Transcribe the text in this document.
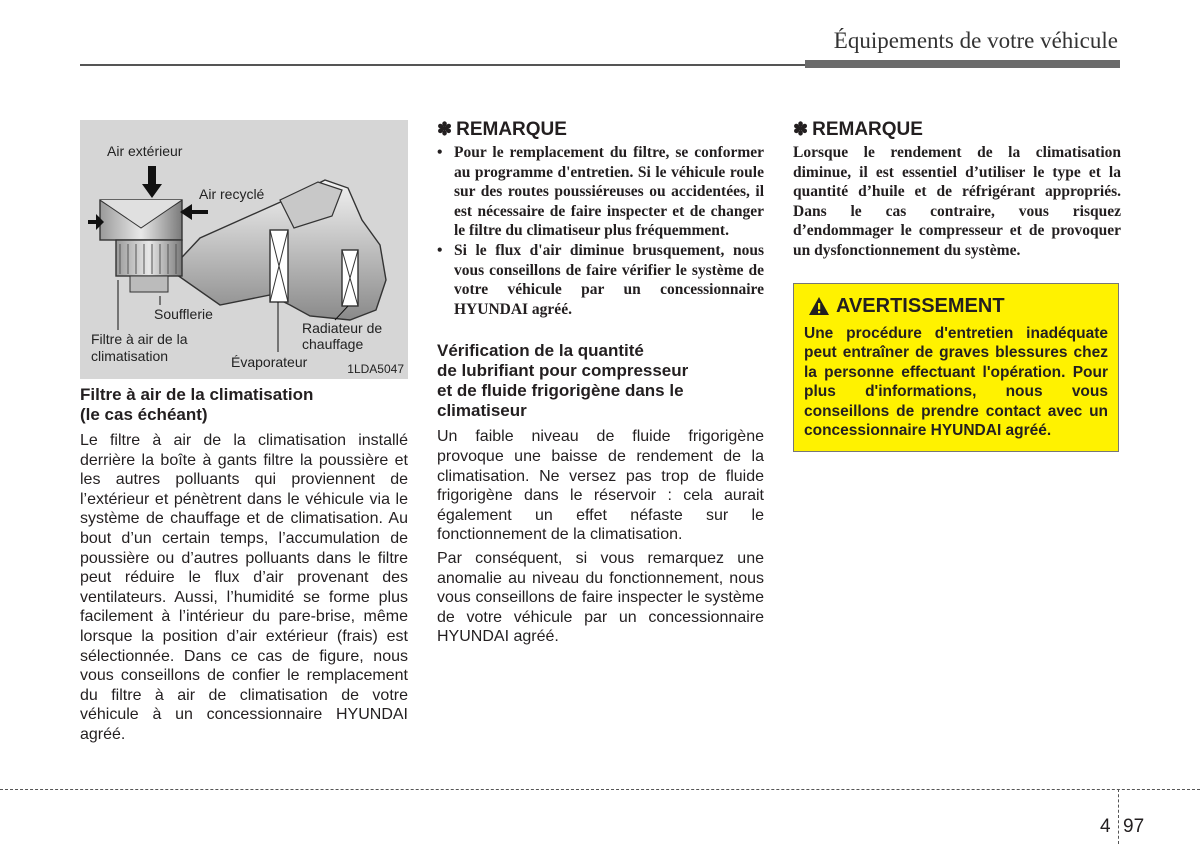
Équipements de votre véhicule
Air extérieur
Air recyclé
Soufflerie
Filtre à air de la
climatisation
Radiateur de
chauffage
Évaporateur	1LDA5047
Filtre à air de la climatisation
(le cas échéant)

Le filtre à air de la climatisation installé derrière la boîte à gants filtre la poussière et les autres polluants qui proviennent de l’extérieur et pénètrent dans le véhicule via le système de chauffage et de climatisation. Au bout d’un certain temps, l’accumulation de poussière ou d’autres polluants dans le filtre peut réduire le flux d’air provenant des ventilateurs. Aussi, l’humidité se forme plus facilement à l’intérieur du pare-brise, même lorsque la position d’air extérieur (frais) est sélectionnée. Dans ce cas de figure, nous vous conseillons de confier le remplacement du filtre à air de climatisation de votre véhicule à un concessionnaire HYUNDAI agréé.

✽ REMARQUE
• Pour le remplacement du filtre, se conformer au programme d'entretien. Si le véhicule roule sur des routes poussiéreuses ou accidentées, il est nécessaire de faire inspecter et de changer le filtre du climatiseur plus fréquemment.
• Si le flux d'air diminue brusquement, nous vous conseillons de faire vérifier le système de votre véhicule par un concessionnaire HYUNDAI agréé.
Vérification de la quantité
de lubrifiant pour compresseur
et de fluide frigorigène dans le
climatiseur

Un faible niveau de fluide frigorigène provoque une baisse de rendement de la climatisation. Ne versez pas trop de fluide frigorigène dans le réservoir : cela aurait également un effet néfaste sur le fonctionnement de la climatisation.

Par conséquent, si vous remarquez une anomalie au niveau du fonctionnement, nous vous conseillons de faire inspecter le système de votre véhicule par un concessionnaire HYUNDAI agréé.

✽ REMARQUE
Lorsque le rendement de la climatisation diminue, il est essentiel d’utiliser le type et la quantité d’huile et de réfrigérant appropriés. Dans le cas contraire, vous risquez d’endommager le compresseur et de provoquer un dysfonctionnement du système.
AVERTISSEMENT
Une procédure d'entretien inadéquate peut entraîner de graves blessures chez la personne effectuant l'opération. Pour plus d'informations, nous vous conseillons de prendre contact avec un concessionnaire HYUNDAI agréé.
4 97
